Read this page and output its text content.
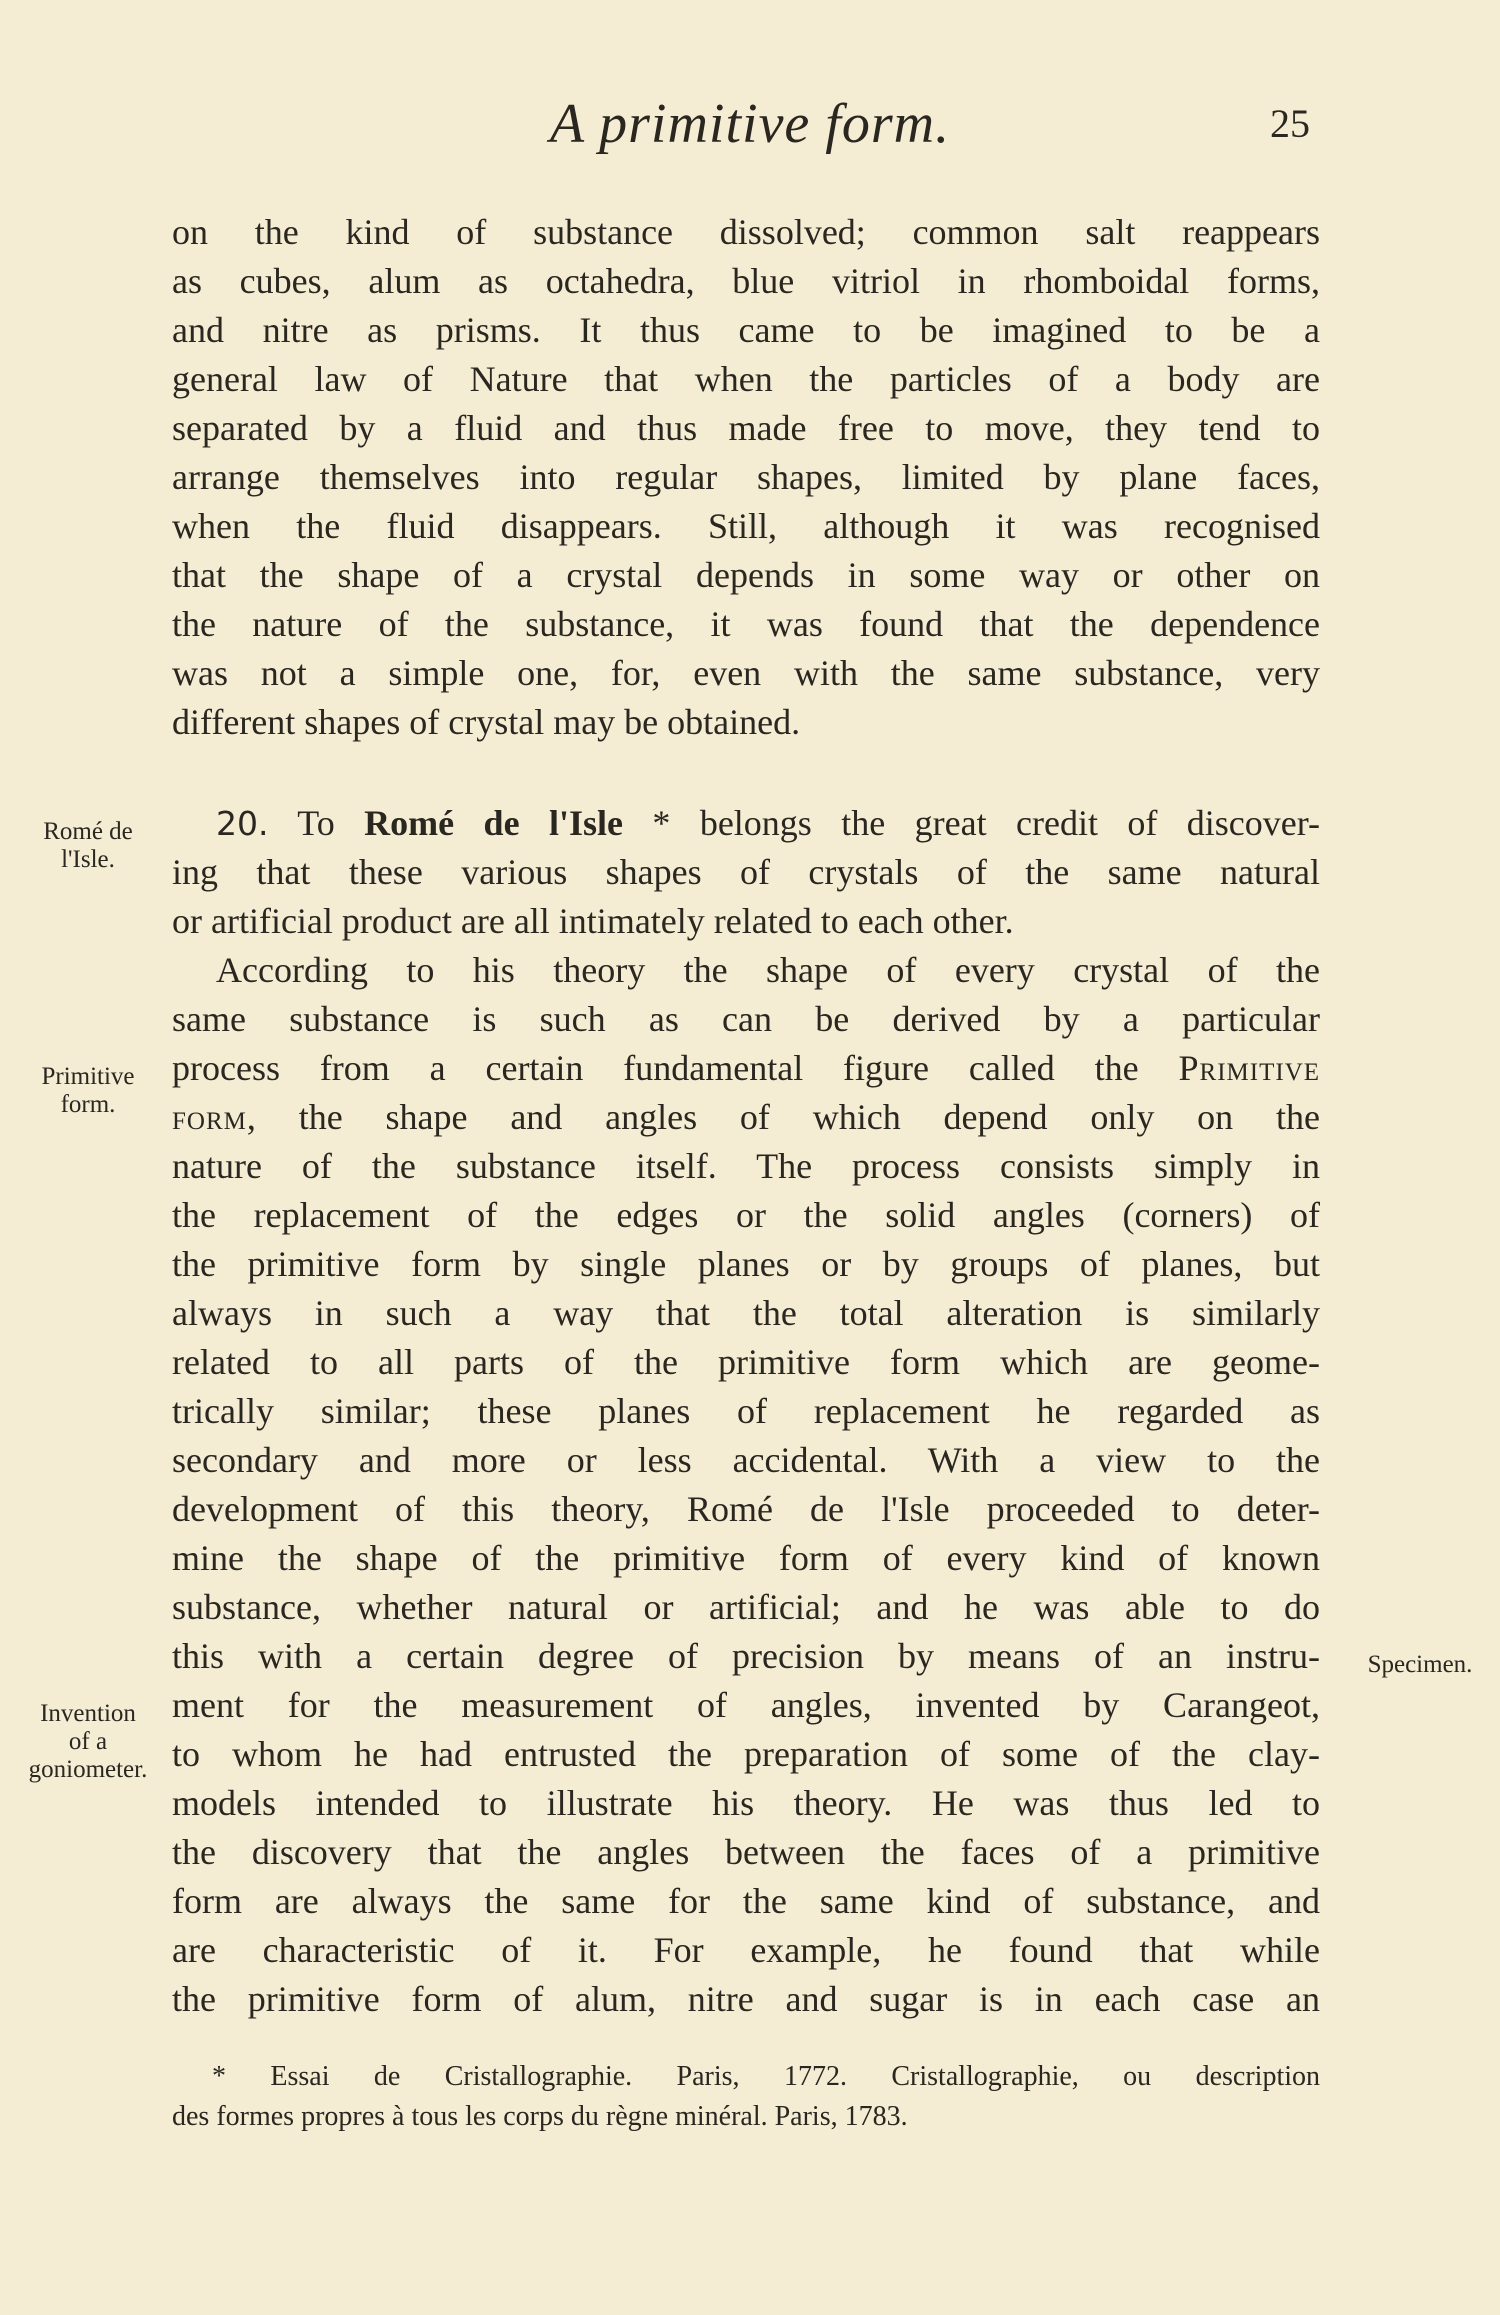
A primitive form.	25
on the kind of substance dissolved; common salt reappears
as cubes, alum as octahedra, blue vitriol in rhomboidal forms,
and nitre as prisms. It thus came to be imagined to be a
general law of Nature that when the particles of a body are
separated by a fluid and thus made free to move, they tend to
arrange themselves into regular shapes, limited by plane faces,
when the fluid disappears. Still, although it was recognised
that the shape of a crystal depends in some way or other on
the nature of the substance, it was found that the dependence
was not a simple one, for, even with the same substance, very
different shapes of crystal may be obtained.
20. To Romé de l'Isle * belongs the great credit of discover-
ing that these various shapes of crystals of the same natural
or artificial product are all intimately related to each other.
According to his theory the shape of every crystal of the
same substance is such as can be derived by a particular
process from a certain fundamental figure called the Primitive
form, the shape and angles of which depend only on the
nature of the substance itself. The process consists simply in
the replacement of the edges or the solid angles (corners) of
the primitive form by single planes or by groups of planes, but
always in such a way that the total alteration is similarly
related to all parts of the primitive form which are geome-
trically similar; these planes of replacement he regarded as
secondary and more or less accidental. With a view to the
development of this theory, Romé de l'Isle proceeded to deter-
mine the shape of the primitive form of every kind of known
substance, whether natural or artificial; and he was able to do
this with a certain degree of precision by means of an instru-
ment for the measurement of angles, invented by Carangeot,
to whom he had entrusted the preparation of some of the clay-
models intended to illustrate his theory. He was thus led to
the discovery that the angles between the faces of a primitive
form are always the same for the same kind of substance, and
are characteristic of it. For example, he found that while
the primitive form of alum, nitre and sugar is in each case an
Romé de
l'Isle.
Primitive
form.
Specimen.
Invention
of a
goniometer.
* Essai de Cristallographie. Paris, 1772. Cristallographie, ou description
des formes propres à tous les corps du règne minéral. Paris, 1783.
